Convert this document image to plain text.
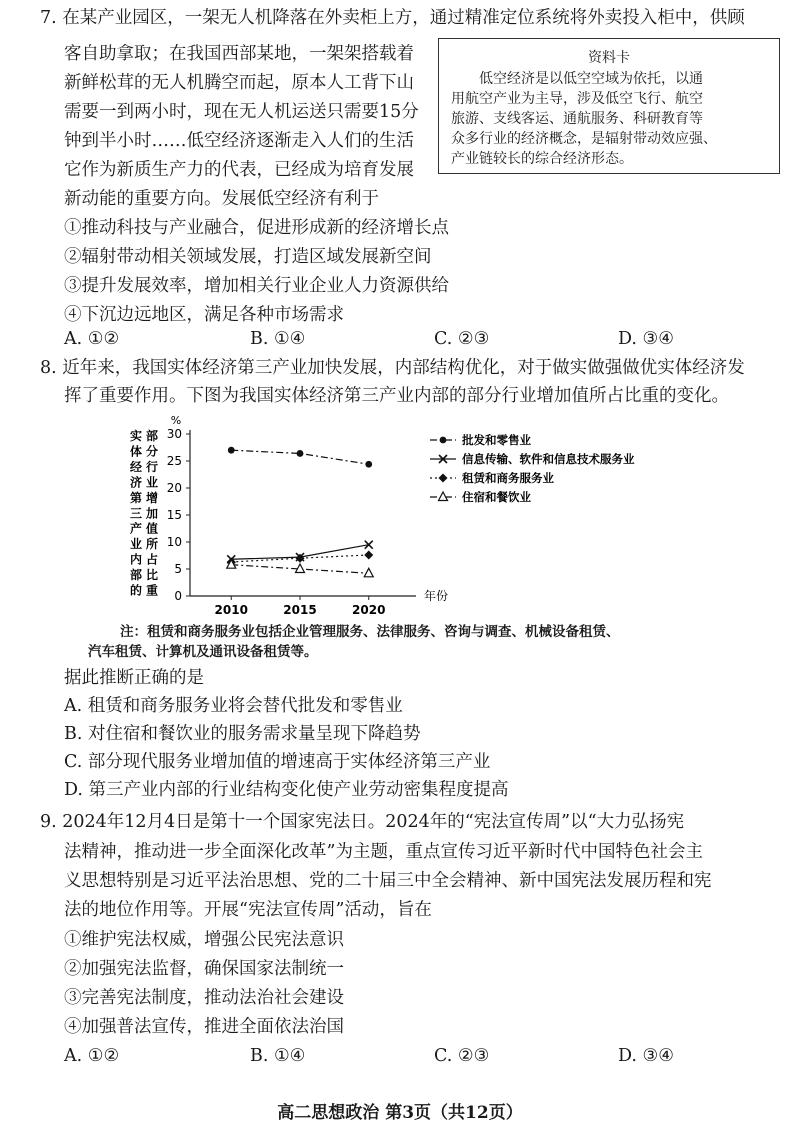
7. 在某产业园区，一架无人机降落在外卖柜上方，通过精准定位系统将外卖投入柜中，供顾
客自助拿取；在我国西部某地，一架架搭载着
新鲜松茸的无人机腾空而起，原本人工背下山
需要一到两小时，现在无人机运送只需要15分
钟到半小时……低空经济逐渐走入人们的生活
它作为新质生产力的代表，已经成为培育发展
新动能的重要方向。发展低空经济有利于
①推动科技与产业融合，促进形成新的经济增长点
②辐射带动相关领域发展，打造区域发展新空间
③提升发展效率，增加相关行业企业人力资源供给
④下沉边远地区，满足各种市场需求
资料卡
低空经济是以低空空域为依托，以通
用航空产业为主导，涉及低空飞行、航空
旅游、支线客运、通航服务、科研教育等
众多行业的经济概念，是辐射带动效应强、
产业链较长的综合经济形态。
A. ①②	B. ①④	C. ②③	D. ③④
8. 近年来，我国实体经济第三产业加快发展，内部结构优化，对于做实做强做优实体经济发
挥了重要作用。下图为我国实体经济第三产业内部的部分行业增加值所占比重的变化。
%
0
5
10
15
20
25
30
2010	2015	2020
年份
实
体
经
济
第
三
产
业
内
部
的
部
分
行
业
增
加
值
所
占
比
重
批发和零售业
信息传输、软件和信息技术服务业
租赁和商务服务业
住宿和餐饮业
注：租赁和商务服务业包括企业管理服务、法律服务、咨询与调查、机械设备租赁、
汽车租赁、计算机及通讯设备租赁等。
据此推断正确的是
A. 租赁和商务服务业将会替代批发和零售业
B. 对住宿和餐饮业的服务需求量呈现下降趋势
C. 部分现代服务业增加值的增速高于实体经济第三产业
D. 第三产业内部的行业结构变化使产业劳动密集程度提高
9. 2024年12月4日是第十一个国家宪法日。2024年的“宪法宣传周”以“大力弘扬宪
法精神，推动进一步全面深化改革”为主题，重点宣传习近平新时代中国特色社会主
义思想特别是习近平法治思想、党的二十届三中全会精神、新中国宪法发展历程和宪
法的地位作用等。开展“宪法宣传周”活动，旨在
①维护宪法权威，增强公民宪法意识
②加强宪法监督，确保国家法制统一
③完善宪法制度，推动法治社会建设
④加强普法宣传，推进全面依法治国
A. ①②	B. ①④	C. ②③	D. ③④
高二思想政治 第3页（共12页）
